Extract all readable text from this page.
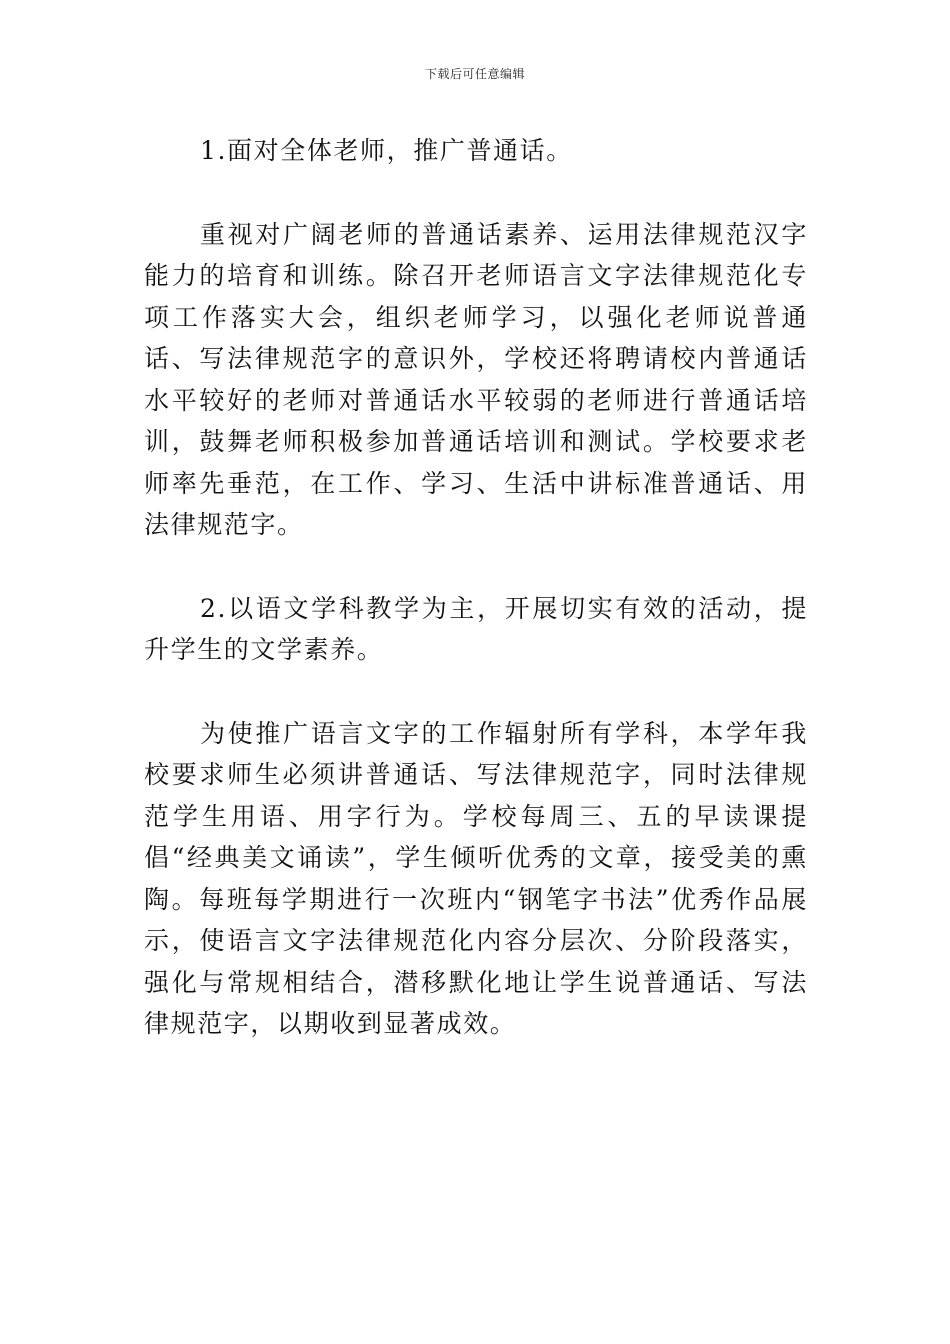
下载后可任意编辑

1.面对全体老师，推广普通话。

重视对广阔老师的普通话素养、运用法律规范汉字能力的培育和训练。除召开老师语言文字法律规范化专项工作落实大会，组织老师学习，以强化老师说普通话、写法律规范字的意识外，学校还将聘请校内普通话水平较好的老师对普通话水平较弱的老师进行普通话培训，鼓舞老师积极参加普通话培训和测试。学校要求老师率先垂范，在工作、学习、生活中讲标准普通话、用法律规范字。

2.以语文学科教学为主，开展切实有效的活动，提升学生的文学素养。

为使推广语言文字的工作辐射所有学科，本学年我校要求师生必须讲普通话、写法律规范字，同时法律规范学生用语、用字行为。学校每周三、五的早读课提倡“经典美文诵读”，学生倾听优秀的文章，接受美的熏陶。每班每学期进行一次班内“钢笔字书法”优秀作品展示，使语言文字法律规范化内容分层次、分阶段落实，强化与常规相结合，潜移默化地让学生说普通话、写法律规范字，以期收到显著成效。
